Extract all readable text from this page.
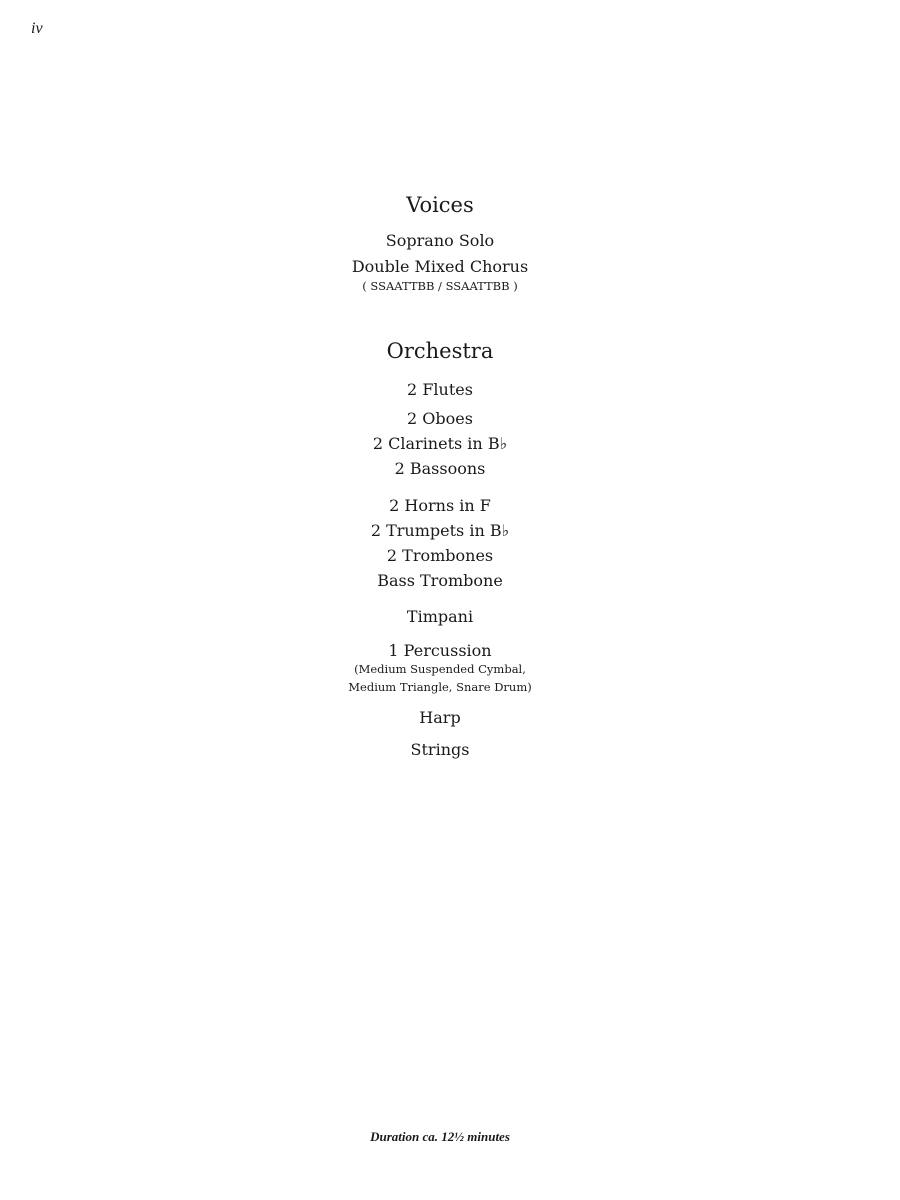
iv
Voices
Soprano Solo
Double Mixed Chorus
( SSAATTBB / SSAATTBB )
Orchestra
2 Flutes
2 Oboes
2 Clarinets in B♭
2 Bassoons
2 Horns in F
2 Trumpets in B♭
2 Trombones
Bass Trombone
Timpani
1 Percussion
(Medium Suspended Cymbal,
Medium Triangle, Snare Drum)
Harp
Strings
Duration ca. 12½ minutes
